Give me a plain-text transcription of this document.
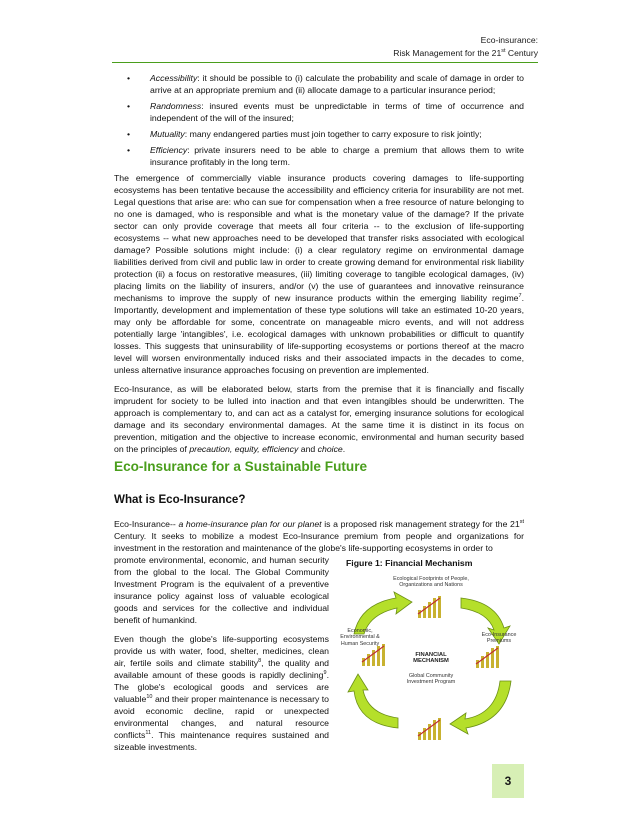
Eco-insurance:
Risk Management for the 21st Century
• Accessibility: it should be possible to (i) calculate the probability and scale of damage in order to arrive at an appropriate premium and (ii) allocate damage to a particular insurance period;
• Randomness: insured events must be unpredictable in terms of time of occurrence and independent of the will of the insured;
• Mutuality: many endangered parties must join together to carry exposure to risk jointly;
• Efficiency: private insurers need to be able to charge a premium that allows them to write insurance profitably in the long term.

The emergence of commercially viable insurance products covering damages to life-supporting ecosystems has been tentative because the accessibility and efficiency criteria for insurability are not met. Legal questions that arise are: who can sue for compensation when a free resource of nature belonging to no one is damaged, who is responsible and what is the monetary value of the damage? If the private sector can only provide coverage that meets all four criteria -- to the exclusion of life-supporting ecosystems -- what new approaches need to be developed that transfer risks associated with ecological damage? Possible solutions might include: (i) a clear regulatory regime on environmental damage liabilities derived from civil and public law in order to create growing demand for environmental risk liability protection (ii) a focus on restorative measures, (iii) limiting coverage to tangible ecological damages, (iv) placing limits on the liability of insurers, and/or (v) the use of guarantees and innovative reinsurance mechanisms to improve the supply of new insurance products within the emerging liability regime$^7$. Importantly, development and implementation of these type solutions will take an estimated 10-20 years, may only be affordable for some, concentrate on manageable micro events, and will not address potentially large 'intangibles', i.e. ecological damages with unknown probabilities or difficult to quantify losses. This suggests that uninsurability of life-supporting ecosystems or portions thereof at the macro level will worsen environmentally induced risks and their associated impacts in the decades to come, unless alternative insurance approaches focusing on prevention are implemented.

Eco-Insurance, as will be elaborated below, starts from the premise that it is financially and fiscally imprudent for society to be lulled into inaction and that even intangibles should be underwritten. The approach is complementary to, and can act as a catalyst for, emerging insurance solutions for ecological damage and its secondary environmental damages. At the same time it is distinct in its focus on prevention, mitigation and the objective to increase economic, environmental and human security based on the principles of precaution, equity, efficiency and choice.

Eco-Insurance for a Sustainable Future
What is Eco-Insurance?

Eco-Insurance-- a home-insurance plan for our planet is a proposed risk management strategy for the 21st Century. It seeks to mobilize a modest Eco-Insurance premium from people and organizations for investment in the restoration and maintenance of the globe's life-supporting ecosystems in order to

promote environmental, economic, and human security from the global to the local. The Global Community Investment Program is the equivalent of a preventive insurance policy against loss of valuable ecological goods and services for the collective and individual benefit of humankind.

Even though the globe's life-supporting ecosystems provide us with water, food, shelter, medicines, clean air, fertile soils and climate stability$^8$, the quality and available amount of these goods is rapidly declining$^9$. The globe's ecological goods and services are valuable$^{10}$ and their proper maintenance is necessary to avoid economic decline, rapid or unexpected environmental changes, and natural resource conflicts$^{11}$. This maintenance requires sustained and sizeable investments.

Figure 1: Financial Mechanism
Ecological Footprints of People, Organizations and Nations
Economic, Environmental & Human Security
Eco-Insurance Premiums
FINANCIAL MECHANISM
Global Community Investment Program
3
